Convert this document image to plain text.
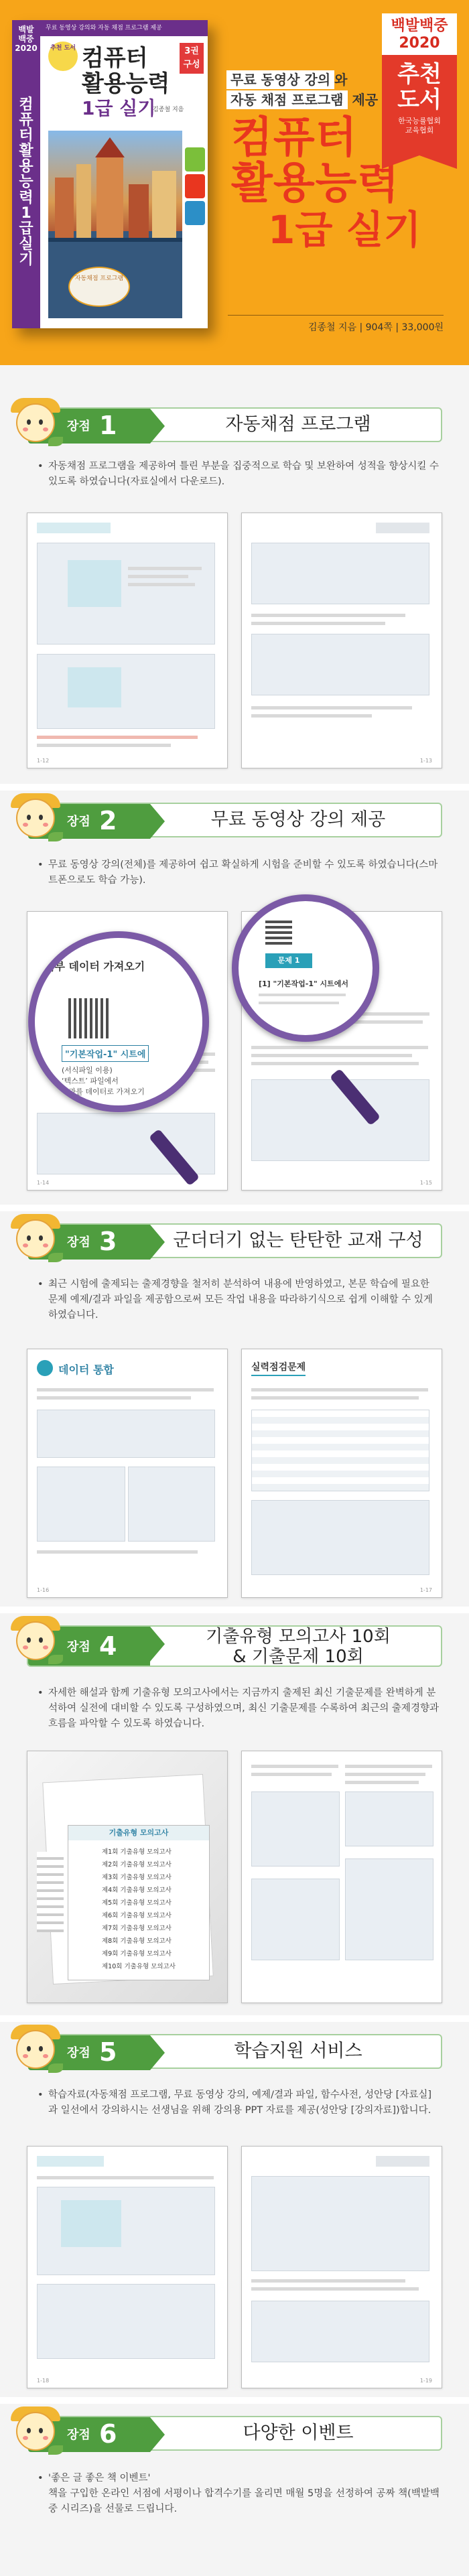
백발백중 2020
컴퓨터활용능력1급실기
무료 동영상 강의와 자동 채점 프로그램 제공
추천 도서	3권 구성
컴퓨터
활용능력
1급 실기
김종철 지음
자동채점 프로그램
무료 동영상 강의 와
자동 채점 프로그램 제공
컴퓨터
활용능력
1급 실기
김종철 지음 | 904쪽 | 33,000원
백발백중
2020
추천
도서
한국능률협회
교육협회
장점 1	자동채점 프로그램
• 자동채점 프로그램을 제공하여 틀린 부분을 집중적으로 학습 및 보완하여 성적을 향상시킬 수 있도록 하였습니다(자료실에서 다운로드).
1-12	1-13
장점 2	무료 동영상 강의 제공
• 무료 동영상 강의(전체)를 제공하여 쉽고 확실하게 시험을 준비할 수 있도록 하였습니다(스마트폰으로도 학습 가능).
1-14	1-15
외부 데이터 가져오기
"기본작업-1" 시트에
(서식파일 이용)
‘텍스트’ 파일에서
결과를 데이터로 가져오기
문제 1
[1] "기본작업-1" 시트에서
장점 3	군더더기 없는 탄탄한 교재 구성
• 최근 시험에 출제되는 출제경향을 철저히 분석하여 내용에 반영하였고, 본문 학습에 필요한 문제 예제/결과 파일을 제공함으로써 모든 작업 내용을 따라하기식으로 쉽게 이해할 수 있게 하였습니다.
데이터 통합
1-16
실력점검문제
1-17
장점 4	기출유형 모의고사 10회
& 기출문제 10회
• 자세한 해설과 함께 기출유형 모의고사에서는 지금까지 출제된 최신 기출문제를 완벽하게 분석하여 실전에 대비할 수 있도록 구성하였으며, 최신 기출문제를 수록하여 최근의 출제경향과 흐름을 파악할 수 있도록 하였습니다.
기출유형 모의고사
제1회 기출유형 모의고사
제2회 기출유형 모의고사
제3회 기출유형 모의고사
제4회 기출유형 모의고사
제5회 기출유형 모의고사
제6회 기출유형 모의고사
제7회 기출유형 모의고사
제8회 기출유형 모의고사
제9회 기출유형 모의고사
제10회 기출유형 모의고사
장점 5	학습지원 서비스
• 학습자료(자동채점 프로그램, 무료 동영상 강의, 예제/결과 파일, 함수사전, 성안당 [자료실]과 일선에서 강의하시는 선생님을 위해 강의용 PPT 자료를 제공(성안당 [강의자료])합니다.
1-18	1-19
장점 6	다양한 이벤트
• '좋은 글 좋은 책 이벤트'
책을 구입한 온라인 서점에 서평이나 합격수기를 올리면 매월 5명을 선정하여 공짜 책(백발백중 시리즈)을 선물로 드립니다.
